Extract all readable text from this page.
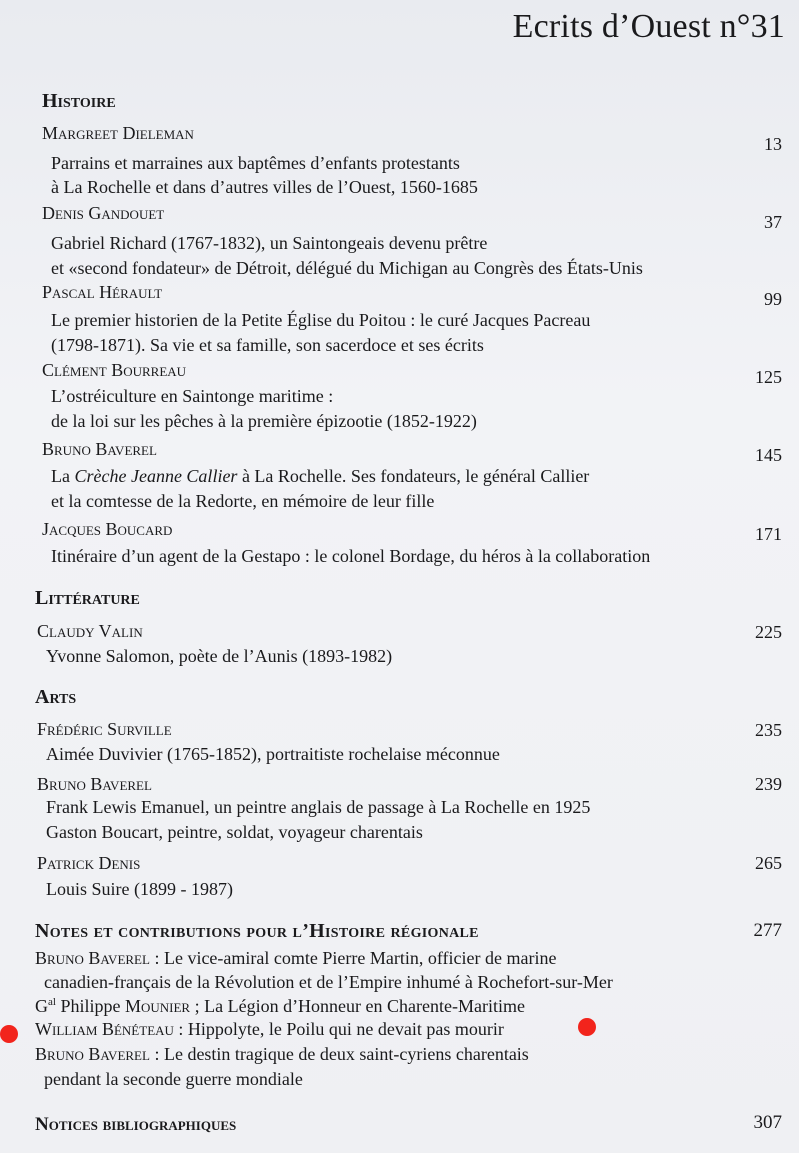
Ecrits d’Ouest n°31
Histoire
Margreet Dieleman
13
Parrains et marraines aux baptêmes d’enfants protestants
à La Rochelle et dans d’autres villes de l’Ouest, 1560-1685
Denis Gandouet	37
Gabriel Richard (1767-1832), un Saintongeais devenu prêtre
et «second fondateur» de Détroit, délégué du Michigan au Congrès des États-Unis
Pascal Hérault	99
Le premier historien de la Petite Église du Poitou : le curé Jacques Pacreau
(1798-1871). Sa vie et sa famille, son sacerdoce et ses écrits
Clément Bourreau	125
L’ostréiculture en Saintonge maritime :
de la loi sur les pêches à la première épizootie (1852-1922)
Bruno Baverel	145
La Crèche Jeanne Callier à La Rochelle. Ses fondateurs, le général Callier
et la comtesse de la Redorte, en mémoire de leur fille
Jacques Boucard	171
Itinéraire d’un agent de la Gestapo : le colonel Bordage, du héros à la collaboration
Littérature
Claudy Valin	225
Yvonne Salomon, poète de l’Aunis (1893-1982)
Arts
Frédéric Surville	235
Aimée Duvivier (1765-1852), portraitiste rochelaise méconnue
Bruno Baverel	239
Frank Lewis Emanuel, un peintre anglais de passage à La Rochelle en 1925
Gaston Boucart, peintre, soldat, voyageur charentais
Patrick Denis	265
Louis Suire (1899 - 1987)
Notes et contributions pour l’Histoire régionale	277
Bruno Baverel : Le vice-amiral comte Pierre Martin, officier de marine
canadien-français de la Révolution et de l’Empire inhumé à Rochefort-sur-Mer
$G^{al}$ Philippe Mounier ; La Légion d’Honneur en Charente-Maritime
William Bénéteau : Hippolyte, le Poilu qui ne devait pas mourir
Bruno Baverel : Le destin tragique de deux saint-cyriens charentais
pendant la seconde guerre mondiale
Notices bibliographiques	307
